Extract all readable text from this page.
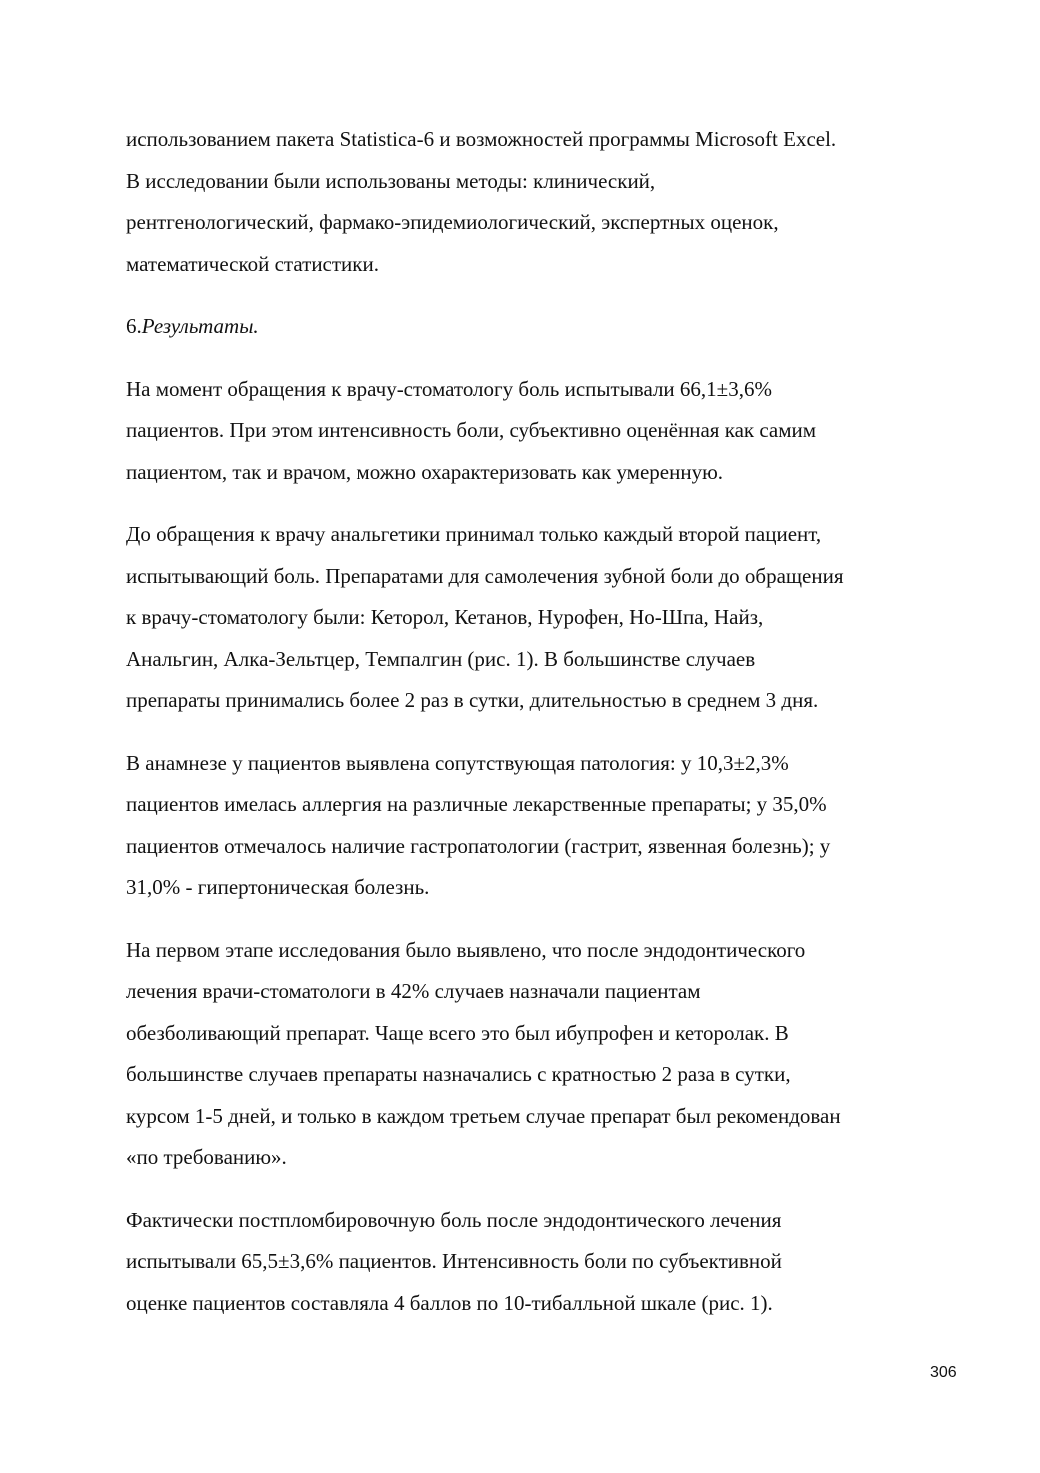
использованием пакета Statistica-6 и возможностей программы Microsoft Excel.
В исследовании были использованы методы: клинический,
рентгенологический, фармако-эпидемиологический, экспертных оценок,
математической статистики.
6.Результаты.
На момент обращения к врачу-стоматологу боль испытывали 66,1±3,6%
пациентов. При этом интенсивность боли, субъективно оценённая как самим
пациентом, так и врачом, можно охарактеризовать как умеренную.
До обращения к врачу анальгетики принимал только каждый второй пациент,
испытывающий боль. Препаратами для самолечения зубной боли до обращения
к врачу-стоматологу были: Кеторол, Кетанов, Нурофен, Но-Шпа, Найз,
Анальгин, Алка-Зельтцер, Темпалгин (рис. 1). В большинстве случаев
препараты принимались более 2 раз в сутки, длительностью в среднем 3 дня.
В анамнезе у пациентов выявлена сопутствующая патология: у 10,3±2,3%
пациентов имелась аллергия на различные лекарственные препараты; у 35,0%
пациентов отмечалось наличие гастропатологии (гастрит, язвенная болезнь); у
31,0% - гипертоническая болезнь.
На первом этапе исследования было выявлено, что после эндодонтического
лечения врачи-стоматологи в 42% случаев назначали пациентам
обезболивающий препарат. Чаще всего это был ибупрофен и кеторолак. В
большинстве случаев препараты назначались с кратностью 2 раза в сутки,
курсом 1-5 дней, и только в каждом третьем случае препарат был рекомендован
«по требованию».
Фактически постпломбировочную боль после эндодонтического лечения
испытывали 65,5±3,6% пациентов. Интенсивность боли по субъективной
оценке пациентов составляла 4 баллов по 10-тибалльной шкале (рис. 1).
306
